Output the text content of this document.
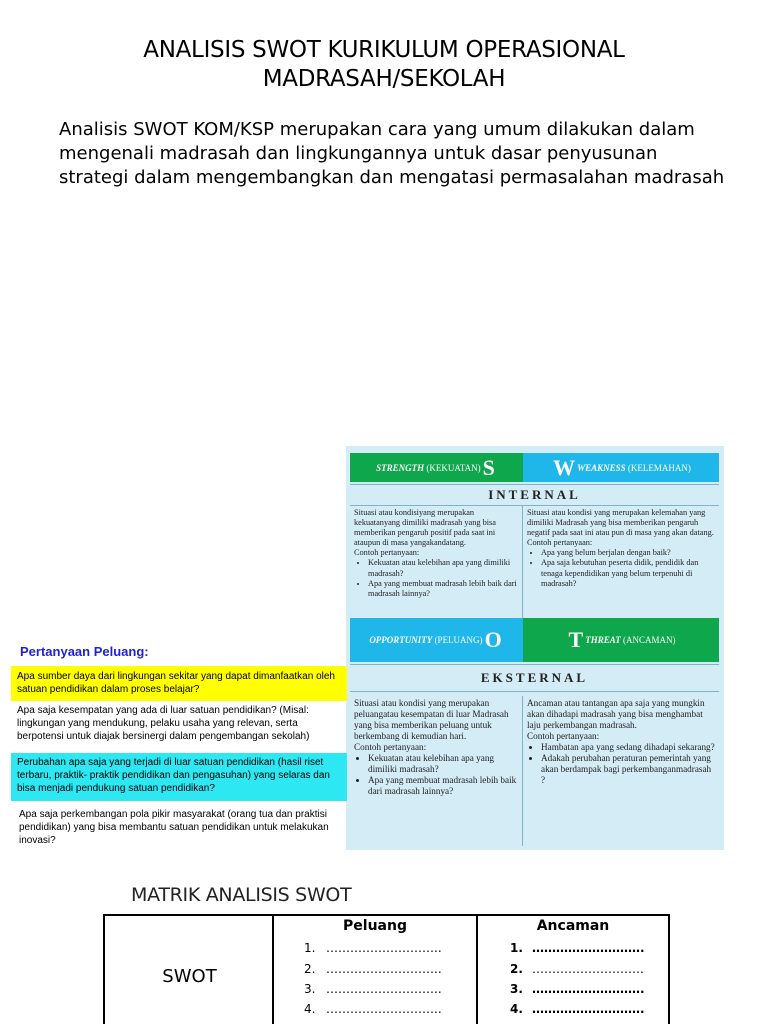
ANALISIS SWOT KURIKULUM OPERASIONAL
MADRASAH/SEKOLAH
Analisis SWOT KOM/KSP merupakan cara yang umum dilakukan dalam mengenali madrasah dan lingkungannya untuk dasar penyusunan strategi dalam mengembangkan dan mengatasi permasalahan madrasah
STRENGTH
(KEKUATAN) S	W WEAKNESS
(KELEMAHAN)
INTERNAL
Situasi atau kondisiyang merupakan kekuatanyang dimiliki madrasah yang bisa memberikan pengaruh positif pada saat ini ataupun di masa yangakandatang.
Contoh pertanyaan:
• Kekuatan atau kelebihan apa yang dimiliki madrasah?
• Apa yang membuat madrasah lebih baik dari madrasah lainnya?
Situasi atau kondisi yang merupakan kelemahan yang dimiliki Madrasah yang bisa memberikan pengaruh negatif pada saat ini atau pun di masa yang akan datang.
Contoh pertanyaan:
• Apa yang belum berjalan dengan baik?
• Apa saja kebutuhan peserta didik, pendidik dan tenaga kependidikan yang belum terpenuhi di madrasah?
OPPORTUNITY
(PELUANG) O	T THREAT
(ANCAMAN)
EKSTERNAL
Situasi atau kondisi yang merupakan peluangatau kesempatan di luar Madrasah yang bisa memberikan peluang untuk berkembang di kemudian hari.
Contoh pertanyaan:
• Kekuatan atau kelebihan apa yang dimiliki madrasah?
• Apa yang membuat madrasah lebih baik dari madrasah lainnya?
Ancaman atau tantangan apa saja yang mungkin akan dihadapi madrasah yang bisa menghambat laju perkembangan madrasah.
Contoh pertanyaan:
• Hambatan apa yang sedang dihadapi sekarang?
• Adakah perubahan peraturan pemerintah yang akan berdampak bagi perkembanganmadrasah ?
Pertanyaan Peluang:
Apa sumber daya dari lingkungan sekitar yang dapat dimanfaatkan oleh satuan pendidikan dalam proses belajar?
Apa saja kesempatan yang ada di luar satuan pendidikan? (Misal: lingkungan yang mendukung, pelaku usaha yang relevan, serta berpotensi untuk diajak bersinergi dalam pengembangan sekolah)
Perubahan apa saja yang terjadi di luar satuan pendidikan (hasil riset terbaru, praktik- praktik pendidikan dan pengasuhan) yang selaras dan bisa menjadi pendukung satuan pendidikan?
Apa saja perkembangan pola pikir masyarakat (orang tua dan praktisi pendidikan) yang bisa membantu satuan pendidikan untuk melakukan inovasi?
MATRIK ANALISIS SWOT
SWOT
Peluang
1. ………………………..
2. ………………………..
3. ………………………..
4. ………………………..
Ancaman
1. ……………………….
2. ……………………….
3. ……………………….
4. ……………………….
